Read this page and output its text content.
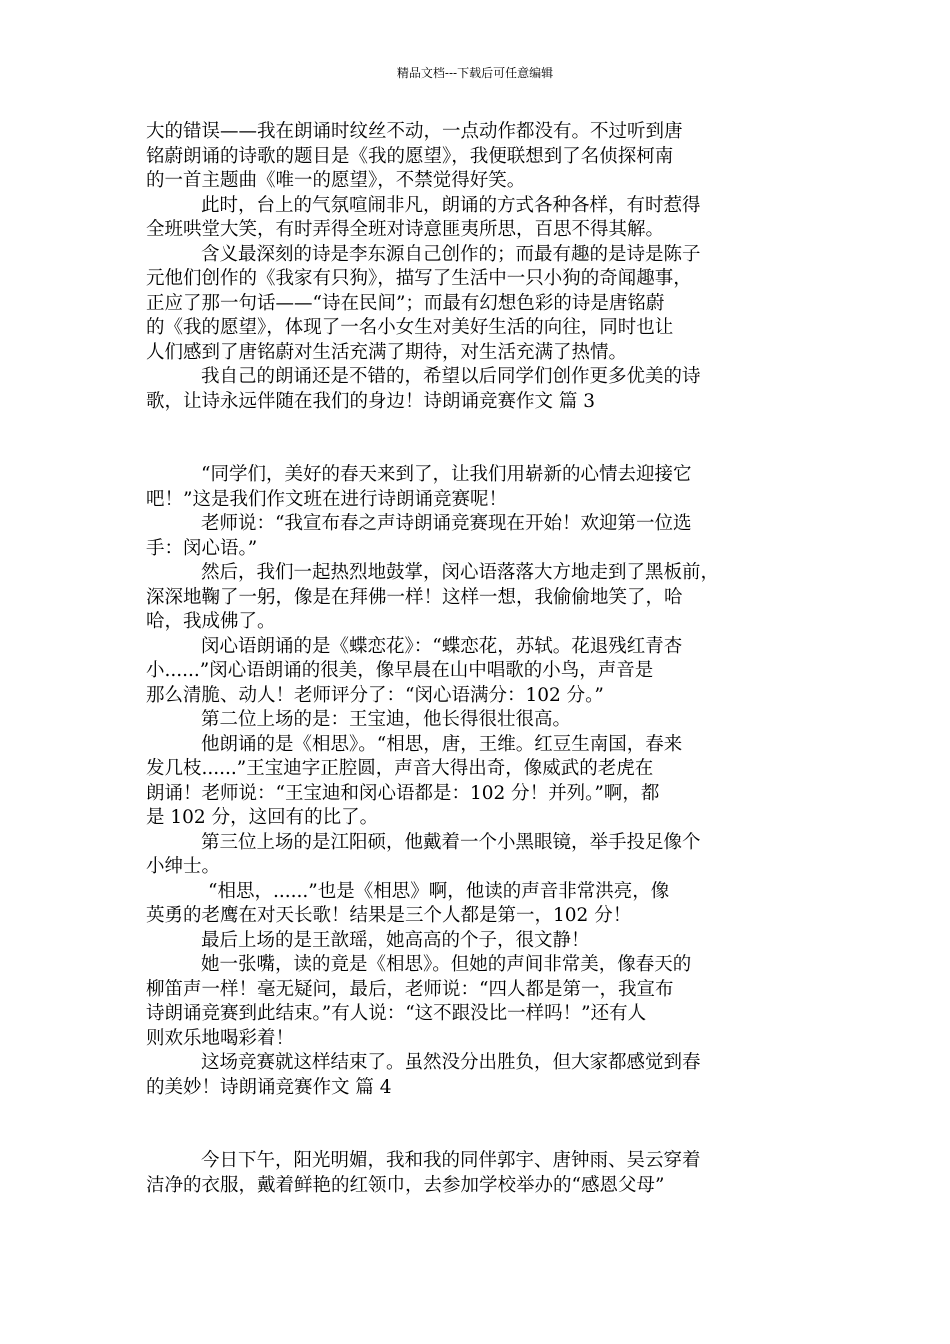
精品文档---下载后可任意编辑
大的错误——我在朗诵时纹丝不动，一点动作都没有。不过听到唐
铭蔚朗诵的诗歌的题目是《我的愿望》，我便联想到了名侦探柯南
的一首主题曲《唯一的愿望》，不禁觉得好笑。
此时，台上的气氛喧闹非凡，朗诵的方式各种各样，有时惹得
全班哄堂大笑，有时弄得全班对诗意匪夷所思，百思不得其解。
含义最深刻的诗是李东源自己创作的；而最有趣的是诗是陈子
元他们创作的《我家有只狗》，描写了生活中一只小狗的奇闻趣事，
正应了那一句话——“诗在民间”；而最有幻想色彩的诗是唐铭蔚
的《我的愿望》，体现了一名小女生对美好生活的向往，同时也让
人们感到了唐铭蔚对生活充满了期待，对生活充满了热情。
我自己的朗诵还是不错的，希望以后同学们创作更多优美的诗
歌，让诗永远伴随在我们的身边！诗朗诵竞赛作文 篇 3
“同学们，美好的春天来到了，让我们用崭新的心情去迎接它
吧！”这是我们作文班在进行诗朗诵竞赛呢！
老师说：“我宣布春之声诗朗诵竞赛现在开始！欢迎第一位选
手：闵心语。”
然后，我们一起热烈地鼓掌，闵心语落落大方地走到了黑板前，
深深地鞠了一躬，像是在拜佛一样！这样一想，我偷偷地笑了，哈
哈，我成佛了。
闵心语朗诵的是《蝶恋花》：“蝶恋花，苏轼。花退残红青杏
小......”闵心语朗诵的很美，像早晨在山中唱歌的小鸟，声音是
那么清脆、动人！老师评分了：“闵心语满分：102 分。”
第二位上场的是：王宝迪，他长得很壮很高。
他朗诵的是《相思》。“相思，唐，王维。红豆生南国，春来
发几枝......”王宝迪字正腔圆，声音大得出奇，像威武的老虎在
朗诵！老师说：“王宝迪和闵心语都是：102 分！并列。”啊，都
是 102 分，这回有的比了。
第三位上场的是江阳硕，他戴着一个小黑眼镜，举手投足像个
小绅士。
“相思，......”也是《相思》啊，他读的声音非常洪亮，像
英勇的老鹰在对天长歌！结果是三个人都是第一，102 分！
最后上场的是王歆瑶，她高高的个子，很文静！
她一张嘴，读的竟是《相思》。但她的声间非常美，像春天的
柳笛声一样！毫无疑问，最后，老师说：“四人都是第一，我宣布
诗朗诵竞赛到此结束。”有人说：“这不跟没比一样吗！”还有人
则欢乐地喝彩着！
这场竞赛就这样结束了。虽然没分出胜负，但大家都感觉到春
的美妙！诗朗诵竞赛作文 篇 4
今日下午，阳光明媚，我和我的同伴郭宇、唐钟雨、吴云穿着
洁净的衣服，戴着鲜艳的红领巾，去参加学校举办的“感恩父母”
